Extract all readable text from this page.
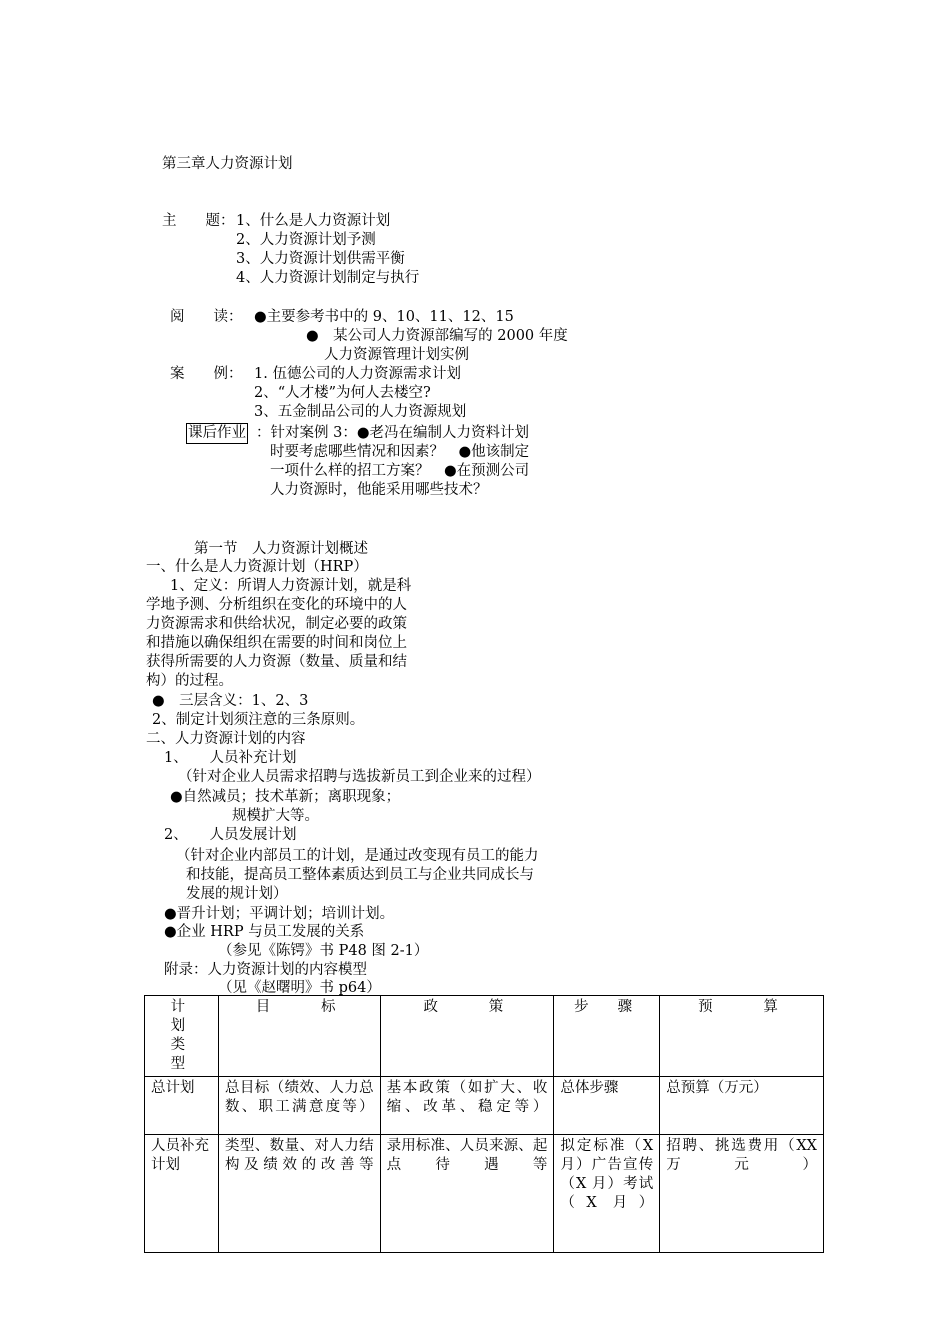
第三章人力资源计划
主　　题： 1、什么是人力资源计划
2、人力资源计划予测
3、人力资源计划供需平衡
4、人力资源计划制定与执行
阅　　读： ●主要参考书中的 9、10、11、12、15
●　某公司人力资源部编写的 2000 年度
人力资源管理计划实例
案　　例： 1. 伍德公司的人力资源需求计划
2、“人才楼”为何人去楼空?
3、五金制品公司的人力资源规划
课后作业 ：针对案例 3：●老冯在编制人力资料计划
时要考虑哪些情况和因素？　●他该制定
一项什么样的招工方案？　●在预测公司
人力资源时，他能采用哪些技术？
第一节　人力资源计划概述
一、什么是人力资源计划（HRP）
1、定义：所谓人力资源计划，就是科
学地予测、分析组织在变化的环境中的人
力资源需求和供给状况，制定必要的政策
和措施以确保组织在需要的时间和岗位上
获得所需要的人力资源（数量、质量和结
构）的过程。
●　三层含义：1、2、3
2、制定计划须注意的三条原则。
二、人力资源计划的内容
1、　　人员补充计划
（针对企业人员需求招聘与选拔新员工到企业来的过程）
●自然减员；技术革新；离职现象；
规模扩大等。
2、　　人员发展计划
（针对企业内部员工的计划，是通过改变现有员工的能力
和技能，提高员工整体素质达到员工与企业共同成长与
发展的规计划）
●晋升计划；平调计划；培训计划。
●企业 HRP 与员工发展的关系
（参见《陈锷》书 P48 图 2-1）
附录：人力资源计划的内容模型
（见《赵曙明》书 p64）
计　划
类　型	目　　标	政　　策	步　骤	预　　算
总计划	总目标（绩效、人力总数、职工满意度等）	基本政策（如扩大、收缩、改革、稳定等）	总体步骤	总预算（万元）
人员补充计划	类型、数量、对人力结构及绩效的改善等	录用标准、人员来源、起点待遇等	拟定标准（X 月）广告宣传（X 月）考试（X 月）	招聘、挑选费用（XX 万元）
